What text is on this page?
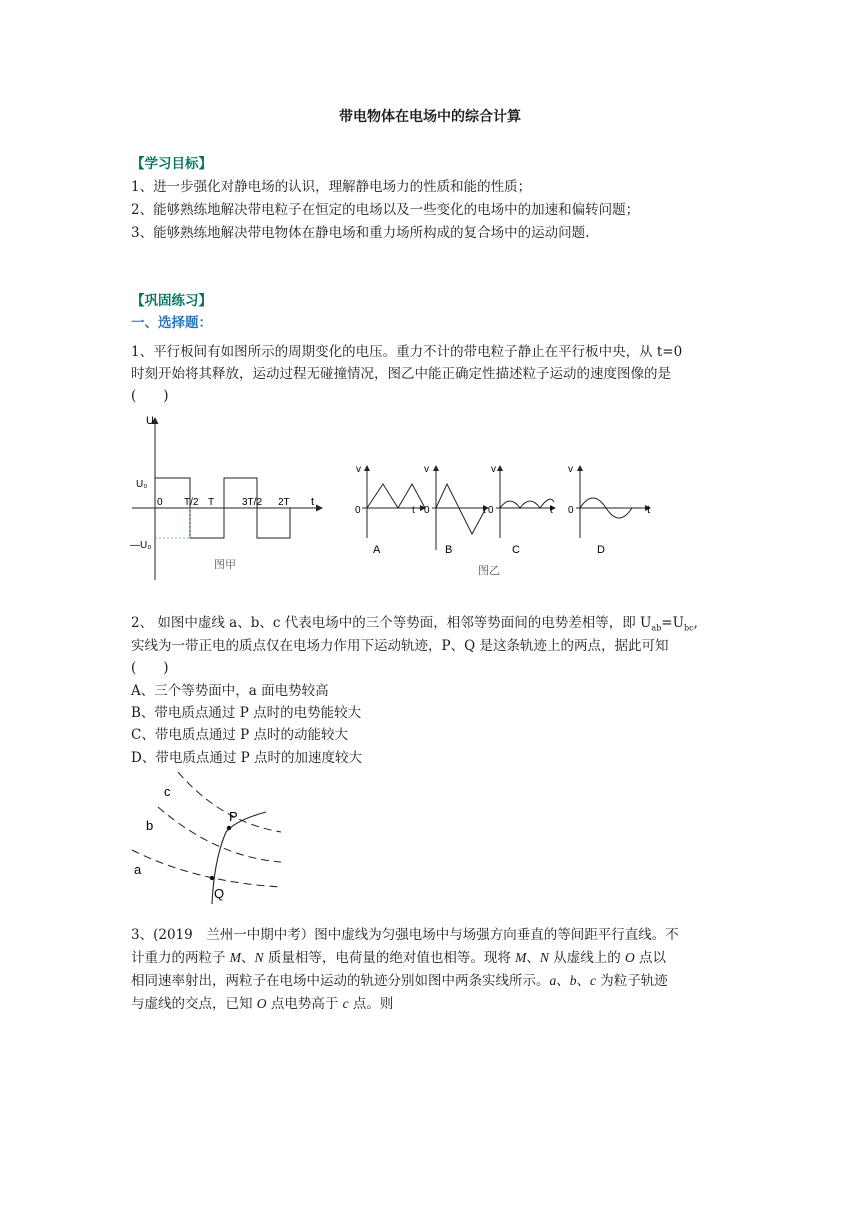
带电物体在电场中的综合计算
【学习目标】
1、进一步强化对静电场的认识，理解静电场力的性质和能的性质；
2、能够熟练地解决带电粒子在恒定的电场以及一些变化的电场中的加速和偏转问题；
3、能够熟练地解决带电物体在静电场和重力场所构成的复合场中的运动问题.
【巩固练习】
一、选择题：
1、平行板间有如图所示的周期变化的电压。重力不计的带电粒子静止在平行板中央，从 t=0
时刻开始将其释放，运动过程无碰撞情况，图乙中能正确定性描述粒子运动的速度图像的是
(　　)
U
t
U₀
—U₀
0 T/2 T	3T/2 2T
图甲
v
0
A
v
0
B
v
0
C
v
0
D
t
t	t	t
图乙
2、 如图中虚线 a、b、c 代表电场中的三个等势面，相邻等势面间的电势差相等，即 $U_{ab}=U_{bc}$,
实线为一带正电的质点仅在电场力作用下运动轨迹，P、Q 是这条轨迹上的两点，据此可知
(　　)
A、三个等势面中，a 面电势较高
B、带电质点通过 P 点时的电势能较大
C、带电质点通过 P 点时的动能较大
D、带电质点通过 P 点时的加速度较大
c
b
a
P
Q
3、(2019　兰州一中期中考）图中虚线为匀强电场中与场强方向垂直的等间距平行直线。不
计重力的两粒子 M、N 质量相等，电荷量的绝对值也相等。现将 M、N 从虚线上的 O 点以
相同速率射出，两粒子在电场中运动的轨迹分别如图中两条实线所示。a、b、c 为粒子轨迹
与虚线的交点，已知 O 点电势高于 c 点。则
